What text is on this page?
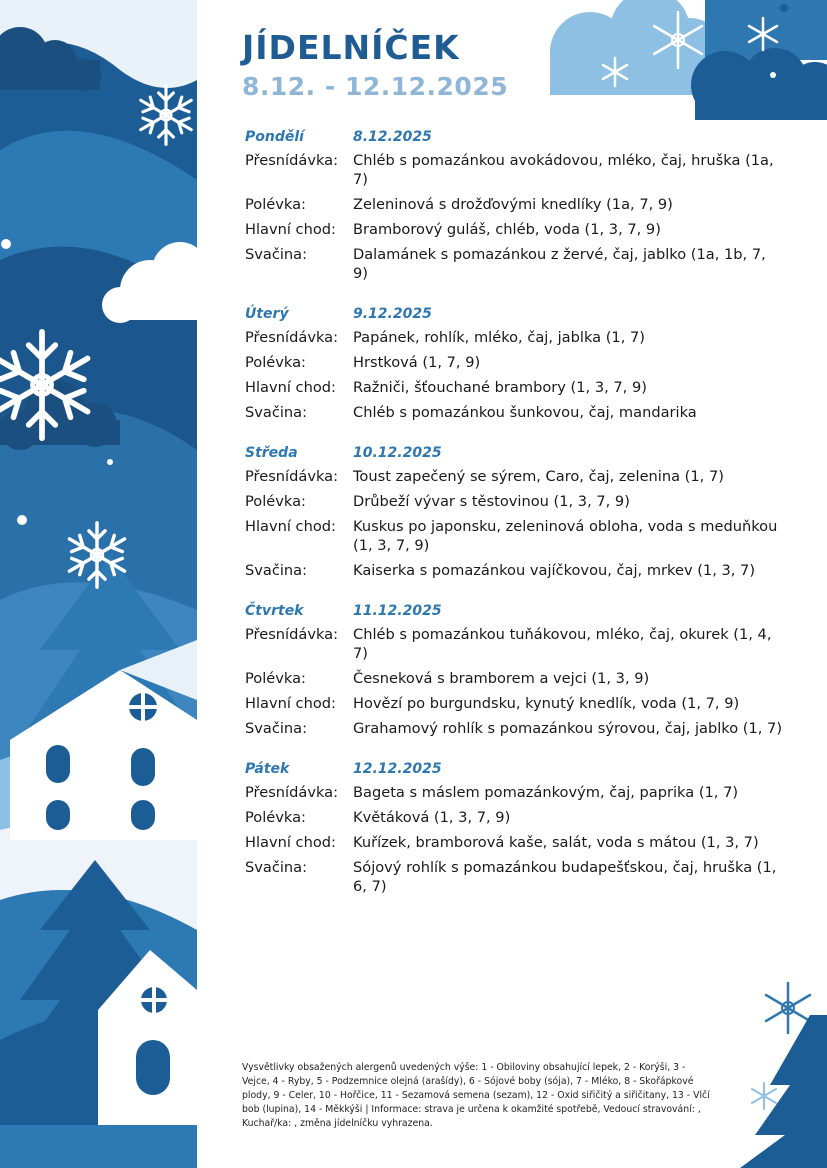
JÍDELNÍČEK
8.12. - 12.12.2025
Pondělí	8.12.2025
Přesnídávka:	Chléb s pomazánkou avokádovou, mléko, čaj, hruška (1a, 7)
Polévka:	Zeleninová s drožďovými knedlíky (1a, 7, 9)
Hlavní chod:	Bramborový guláš, chléb, voda (1, 3, 7, 9)
Svačina:	Dalamánek s pomazánkou z žervé, čaj, jablko (1a, 1b, 7, 9)
Úterý	9.12.2025
Přesnídávka:	Papánek, rohlík, mléko, čaj, jablka (1, 7)
Polévka:	Hrstková (1, 7, 9)
Hlavní chod:	Ražniči, šťouchané brambory (1, 3, 7, 9)
Svačina:	Chléb s pomazánkou šunkovou, čaj, mandarika
Středa	10.12.2025
Přesnídávka:	Toust zapečený se sýrem, Caro, čaj, zelenina (1, 7)
Polévka:	Drůbeží vývar s těstovinou (1, 3, 7, 9)
Hlavní chod:	Kuskus po japonsku, zeleninová obloha, voda s meduňkou (1, 3, 7, 9)
Svačina:	Kaiserka s pomazánkou vajíčkovou, čaj, mrkev (1, 3, 7)
Čtvrtek	11.12.2025
Přesnídávka:	Chléb s pomazánkou tuňákovou, mléko, čaj, okurek (1, 4, 7)
Polévka:	Česneková s bramborem a vejci (1, 3, 9)
Hlavní chod:	Hovězí po burgundsku, kynutý knedlík, voda (1, 7, 9)
Svačina:	Grahamový rohlík s pomazánkou sýrovou, čaj, jablko (1, 7)
Pátek	12.12.2025
Přesnídávka:	Bageta s máslem pomazánkovým, čaj, paprika (1, 7)
Polévka:	Květáková (1, 3, 7, 9)
Hlavní chod:	Kuřízek, bramborová kaše, salát, voda s mátou (1, 3, 7)
Svačina:	Sójový rohlík s pomazánkou budapešťskou, čaj, hruška (1, 6, 7)

Vysvětlivky obsažených alergenů uvedených výše: 1 - Obiloviny obsahující lepek, 2 - Korýši, 3 - Vejce, 4 - Ryby, 5 - Podzemnice olejná (arašídy), 6 - Sójové boby (sója), 7 - Mléko, 8 - Skořápkové plody, 9 - Celer, 10 - Hořčice, 11 - Sezamová semena (sezam), 12 - Oxid siřičitý a siřičitany, 13 - Vlčí bob (lupina), 14 - Měkkýši | Informace: strava je určena k okamžité spotřebě, Vedoucí stravování: , Kuchař/ka: , změna jídelníčku vyhrazena.
